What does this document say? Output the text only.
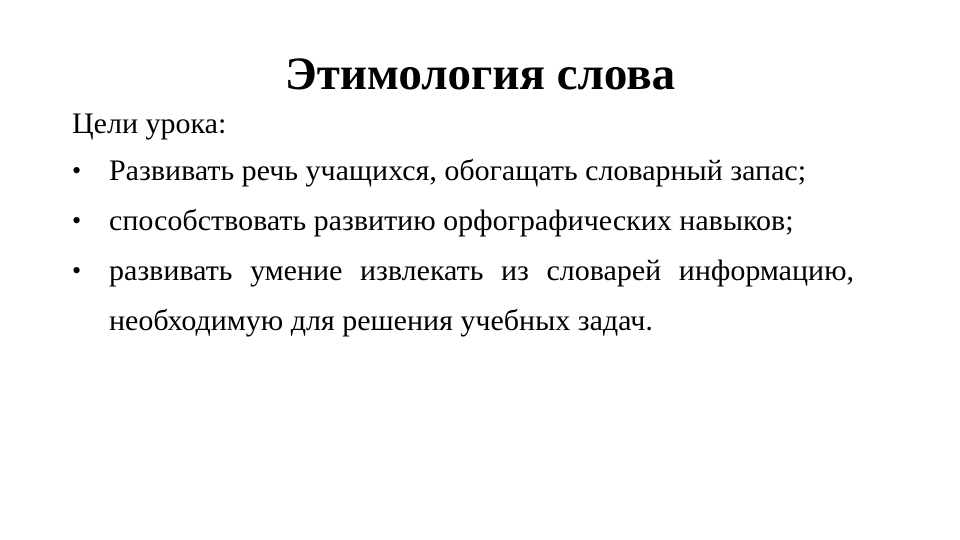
Этимология слова

Цели урока:

• Развивать речь учащихся, обогащать словарный запас;
• способствовать развитию орфографических навыков;
• развивать умение извлекать из словарей информацию, необходимую для решения учебных задач.
